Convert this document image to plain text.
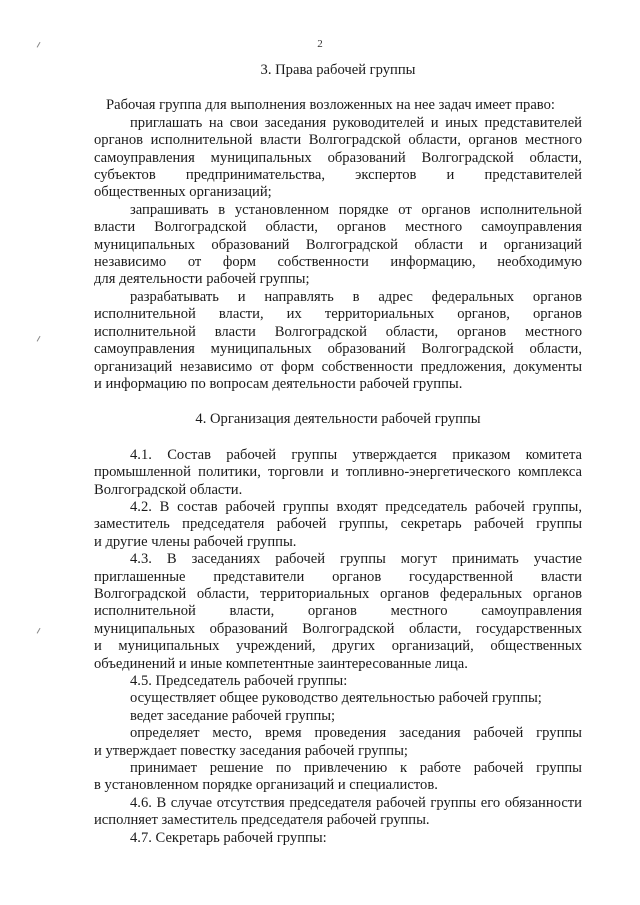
2

3. Права рабочей группы

Рабочая группа для выполнения возложенных на нее задач имеет право:

приглашать на свои заседания руководителей и иных представителей

органов исполнительной власти Волгоградской области, органов местного

самоуправления муниципальных образований Волгоградской области,

субъектов предпринимательства, экспертов и представителей

общественных организаций;

запрашивать в установленном порядке от органов исполнительной

власти Волгоградской области, органов местного самоуправления

муниципальных образований Волгоградской области и организаций

независимо от форм собственности информацию, необходимую

для деятельности рабочей группы;

разрабатывать и направлять в адрес федеральных органов

исполнительной власти, их территориальных органов, органов

исполнительной власти Волгоградской области, органов местного

самоуправления муниципальных образований Волгоградской области,

организаций независимо от форм собственности предложения, документы

и информацию по вопросам деятельности рабочей группы.

4. Организация деятельности рабочей группы

4.1. Состав рабочей группы утверждается приказом комитета

промышленной политики, торговли и топливно-энергетического комплекса

Волгоградской области.

4.2. В состав рабочей группы входят председатель рабочей группы,

заместитель председателя рабочей группы, секретарь рабочей группы

и другие члены рабочей группы.

4.3. В заседаниях рабочей группы могут принимать участие

приглашенные представители органов государственной власти

Волгоградской области, территориальных органов федеральных органов

исполнительной власти, органов местного самоуправления

муниципальных образований Волгоградской области, государственных

и муниципальных учреждений, других организаций, общественных

объединений и иные компетентные заинтересованные лица.

4.5. Председатель рабочей группы:

осуществляет общее руководство деятельностью рабочей группы;

ведет заседание рабочей группы;

определяет место, время проведения заседания рабочей группы

и утверждает повестку заседания рабочей группы;

принимает решение по привлечению к работе рабочей группы

в установленном порядке организаций и специалистов.

4.6. В случае отсутствия председателя рабочей группы его обязанности

исполняет заместитель председателя рабочей группы.

4.7. Секретарь рабочей группы:
